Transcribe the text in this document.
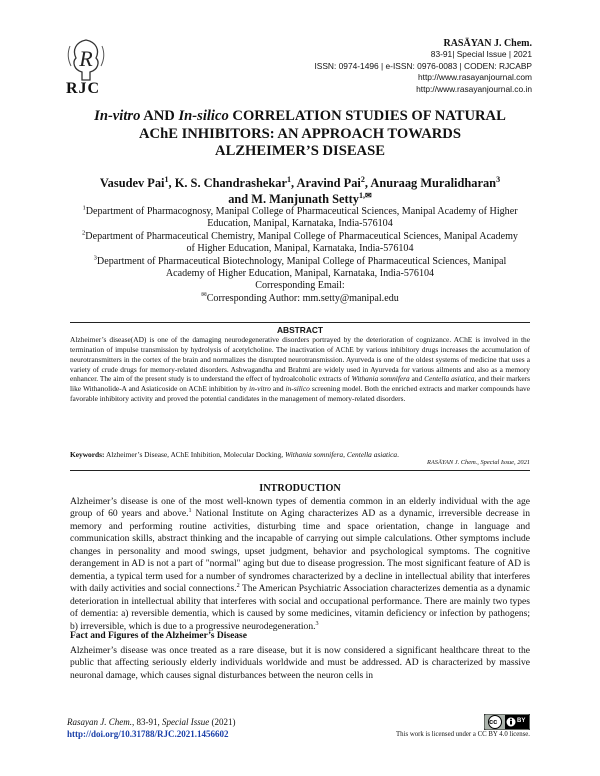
R
RJC
RASĀYAN J. Chem.
83-91| Special Issue | 2021
ISSN: 0974-1496 | e-ISSN: 0976-0083 | CODEN: RJCABP
http://www.rasayanjournal.com
http://www.rasayanjournal.co.in
In-vitro AND In-silico CORRELATION STUDIES OF NATURAL
AChE INHIBITORS: AN APPROACH TOWARDS
ALZHEIMER’S DISEASE
Vasudev Pai$^1$, K. S. Chandrashekar$^1$, Aravind Pai$^2$, Anuraag Muralidharan$^3$
and M. Manjunath Setty$^{1,✉}$
$^1$Department of Pharmacognosy, Manipal College of Pharmaceutical Sciences, Manipal Academy of Higher Education, Manipal, Karnataka, India-576104
$^2$Department of Pharmaceutical Chemistry, Manipal College of Pharmaceutical Sciences, Manipal Academy of Higher Education, Manipal, Karnataka, India-576104
$^3$Department of Pharmaceutical Biotechnology, Manipal College of Pharmaceutical Sciences, Manipal Academy of Higher Education, Manipal, Karnataka, India-576104
Corresponding Email:
✉Corresponding Author: mm.setty@manipal.edu
ABSTRACT
Alzheimer’s disease(AD) is one of the damaging neurodegenerative disorders portrayed by the deterioration of cognizance. AChE is involved in the termination of impulse transmission by hydrolysis of acetylcholine. The inactivation of AChE by various inhibitory drugs increases the accumulation of neurotransmitters in the cortex of the brain and normalizes the disrupted neurotransmission. Ayurveda is one of the oldest systems of medicine that uses a variety of crude drugs for memory-related disorders. Ashwagandha and Brahmi are widely used in Ayurveda for various ailments and also as a memory enhancer. The aim of the present study is to understand the effect of hydroalcoholic extracts of Withania somnifera and Centella asiatica, and their markers like Withanolide-A and Asiaticoside on AChE inhibition by in-vitro and in-silico screening model. Both the enriched extracts and marker compounds have favorable inhibitory activity and proved the potential candidates in the management of memory-related disorders.
Keywords: Alzheimer’s Disease, AChE Inhibition, Molecular Docking, Withania somnifera, Centella asiatica.
RASĀYAN J. Chem., Special Issue, 2021
INTRODUCTION
Alzheimer’s disease is one of the most well-known types of dementia common in an elderly individual with the age group of 60 years and above.$^1$ National Institute on Aging characterizes AD as a dynamic, irreversible decrease in memory and performing routine activities, disturbing time and space orientation, change in language and communication skills, abstract thinking and the incapable of carrying out simple calculations. Other symptoms include changes in personality and mood swings, upset judgment, behavior and psychological symptoms. The cognitive derangement in AD is not a part of "normal" aging but due to disease progression. The most significant feature of AD is dementia, a typical term used for a number of syndromes characterized by a decline in intellectual ability that interferes with daily activities and social connections.$^2$ The American Psychiatric Association characterizes dementia as a dynamic deterioration in intellectual ability that interferes with social and occupational performance. There are mainly two types of dementia: a) reversible dementia, which is caused by some medicines, vitamin deficiency or infection by pathogens; b) irreversible, which is due to a progressive neurodegeneration.$^3$
Fact and Figures of the Alzheimer’s Disease
Alzheimer’s disease was once treated as a rare disease, but it is now considered a significant healthcare threat to the public that affecting seriously elderly individuals worldwide and must be addressed. AD is characterized by massive neuronal damage, which causes signal disturbances between the neuron cells in
Rasayan J. Chem., 83-91, Special Issue (2021)
http://doi.org/10.31788/RJC.2021.1456602
cc	BY
This work is licensed under a CC BY 4.0 license.
